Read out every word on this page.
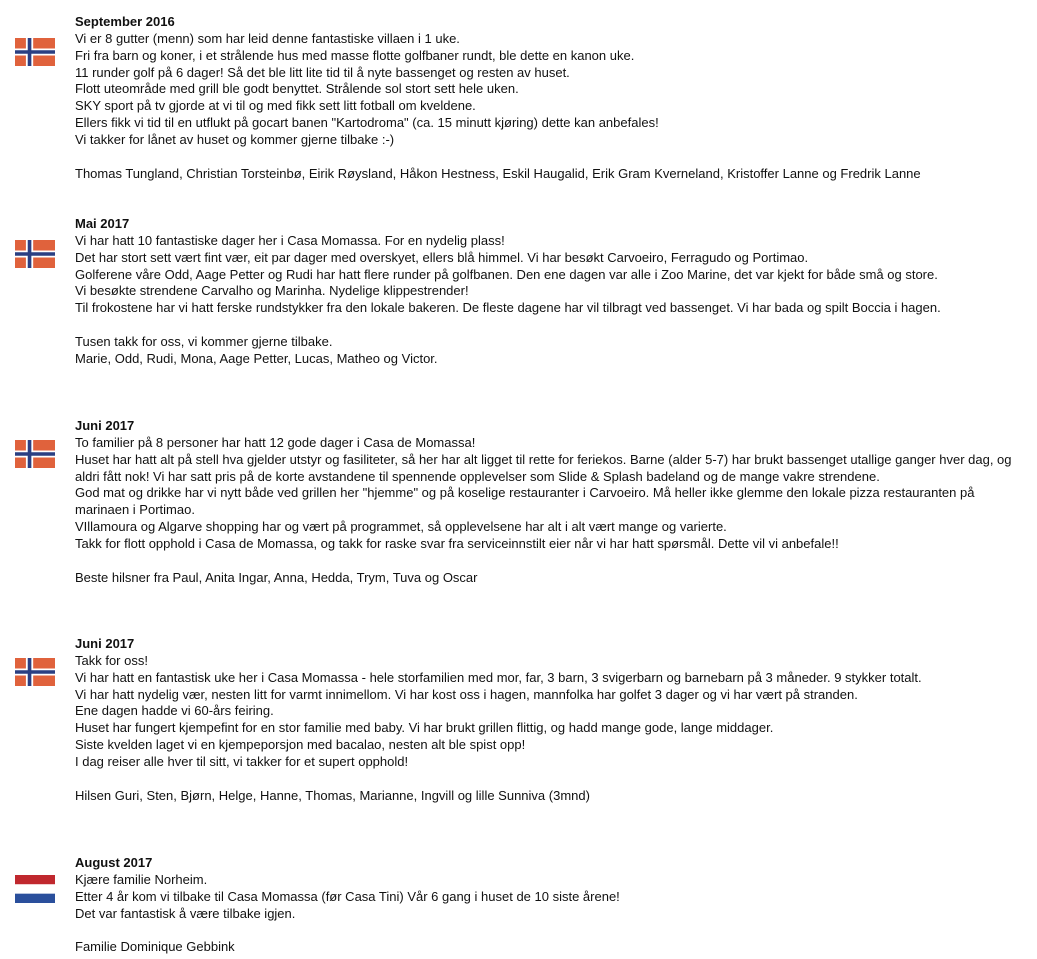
September 2016
Vi er 8 gutter (menn) som har leid denne fantastiske villaen i 1 uke.
Fri fra barn og koner, i et strålende hus med masse flotte golfbaner rundt, ble dette en kanon uke.
11 runder golf på 6 dager! Så det ble litt lite tid til å nyte bassenget og resten av huset.
Flott uteområde med grill ble godt benyttet. Strålende sol stort sett hele uken.
SKY sport på tv gjorde at vi til og med fikk sett litt fotball om kveldene.
Ellers fikk vi tid til en utflukt på gocart banen "Kartodroma" (ca. 15 minutt kjøring) dette kan anbefales!
Vi takker for lånet av huset og kommer gjerne tilbake :-)
Thomas Tungland, Christian Torsteinbø, Eirik Røysland, Håkon Hestness, Eskil Haugalid, Erik Gram Kverneland, Kristoffer Lanne og Fredrik Lanne
Mai 2017
Vi har hatt 10 fantastiske dager her i Casa Momassa. For en nydelig plass!
Det har stort sett vært fint vær, eit par dager med overskyet, ellers blå himmel. Vi har besøkt Carvoeiro, Ferragudo og Portimao.
Golferene våre Odd, Aage Petter og Rudi har hatt flere runder på golfbanen. Den ene dagen var alle i Zoo Marine, det var kjekt for både små og store.
Vi besøkte strendene Carvalho og Marinha. Nydelige klippestrender!
Til frokostene har vi hatt ferske rundstykker fra den lokale bakeren. De fleste dagene har vil tilbragt ved bassenget. Vi har bada og spilt Boccia i hagen.
Tusen takk for oss, vi kommer gjerne tilbake.
Marie, Odd, Rudi, Mona, Aage Petter, Lucas, Matheo og Victor.
Juni 2017
To familier på 8 personer har hatt 12 gode dager i Casa de Momassa!
Huset har hatt alt på stell hva gjelder utstyr og fasiliteter, så her har alt ligget til rette for feriekos. Barne (alder 5-7) har brukt bassenget utallige ganger hver dag, og aldri fått nok! Vi har satt pris på de korte avstandene til spennende opplevelser som Slide & Splash badeland og de mange vakre strendene.
God mat og drikke har vi nytt både ved grillen her "hjemme" og på koselige restauranter i Carvoeiro. Må heller ikke glemme den lokale pizza restauranten på marinaen i Portimao.
VIllamoura og Algarve shopping har og vært på programmet, så opplevelsene har alt i alt vært mange og varierte.
Takk for flott opphold i Casa de Momassa, og takk for raske svar fra serviceinnstilt eier når vi har hatt spørsmål. Dette vil vi anbefale!!
Beste hilsner fra Paul, Anita Ingar, Anna, Hedda, Trym, Tuva og Oscar
Juni 2017
Takk for oss!
Vi har hatt en fantastisk uke her i Casa Momassa - hele storfamilien med mor, far, 3 barn, 3 svigerbarn og barnebarn på 3 måneder. 9 stykker totalt.
Vi har hatt nydelig vær, nesten litt for varmt innimellom. Vi har kost oss i hagen, mannfolka har golfet 3 dager og vi har vært på stranden.
Ene dagen hadde vi 60-års feiring.
Huset har fungert kjempefint for en stor familie med baby. Vi har brukt grillen flittig, og hadd mange gode, lange middager.
Siste kvelden laget vi en kjempeporsjon med bacalao, nesten alt ble spist opp!
I dag reiser alle hver til sitt, vi takker for et supert opphold!
Hilsen Guri, Sten, Bjørn, Helge, Hanne, Thomas, Marianne, Ingvill og lille Sunniva (3mnd)
August 2017
Kjære familie Norheim.
Etter 4 år kom vi tilbake til Casa Momassa (før Casa Tini) Vår 6 gang i huset de 10 siste årene!
Det var fantastisk å være tilbake igjen.
Familie Dominique Gebbink
